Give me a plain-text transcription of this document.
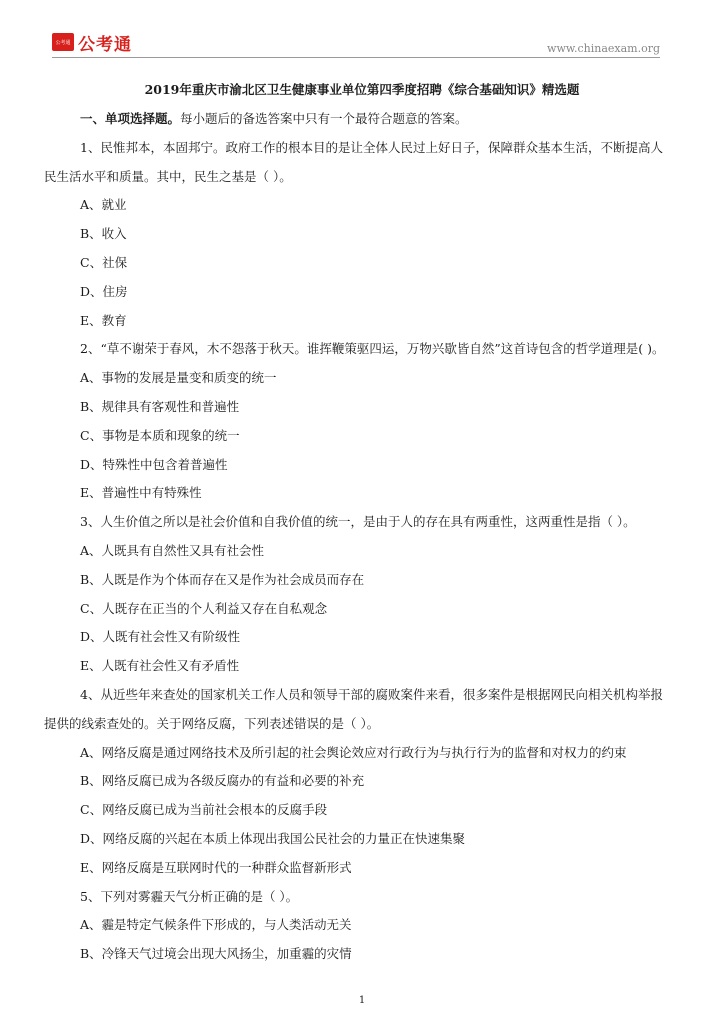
公考通 公考通	www.chinaexam.org
2019年重庆市渝北区卫生健康事业单位第四季度招聘《综合基础知识》精选题
一、单项选择题。每小题后的备选答案中只有一个最符合题意的答案。
1、民惟邦本，本固邦宁。政府工作的根本目的是让全体人民过上好日子，保障群众基本生活，不断提高人
民生活水平和质量。其中，民生之基是（ ）。
A、就业
B、收入
C、社保
D、住房
E、教育
2、“草不谢荣于春风，木不怨落于秋天。谁挥鞭策驱四运，万物兴歇皆自然”这首诗包含的哲学道理是( )。
A、事物的发展是量变和质变的统一
B、规律具有客观性和普遍性
C、事物是本质和现象的统一
D、特殊性中包含着普遍性
E、普遍性中有特殊性
3、人生价值之所以是社会价值和自我价值的统一，是由于人的存在具有两重性，这两重性是指（ ）。
A、人既具有自然性又具有社会性
B、人既是作为个体而存在又是作为社会成员而存在
C、人既存在正当的个人利益又存在自私观念
D、人既有社会性又有阶级性
E、人既有社会性又有矛盾性
4、从近些年来查处的国家机关工作人员和领导干部的腐败案件来看，很多案件是根据网民向相关机构举报
提供的线索查处的。关于网络反腐，下列表述错误的是（ ）。
A、网络反腐是通过网络技术及所引起的社会舆论效应对行政行为与执行行为的监督和对权力的约束
B、网络反腐已成为各级反腐办的有益和必要的补充
C、网络反腐已成为当前社会根本的反腐手段
D、网络反腐的兴起在本质上体现出我国公民社会的力量正在快速集聚
E、网络反腐是互联网时代的一种群众监督新形式
5、下列对雾霾天气分析正确的是（ ）。
A、霾是特定气候条件下形成的，与人类活动无关
B、冷锋天气过境会出现大风扬尘，加重霾的灾情
1
